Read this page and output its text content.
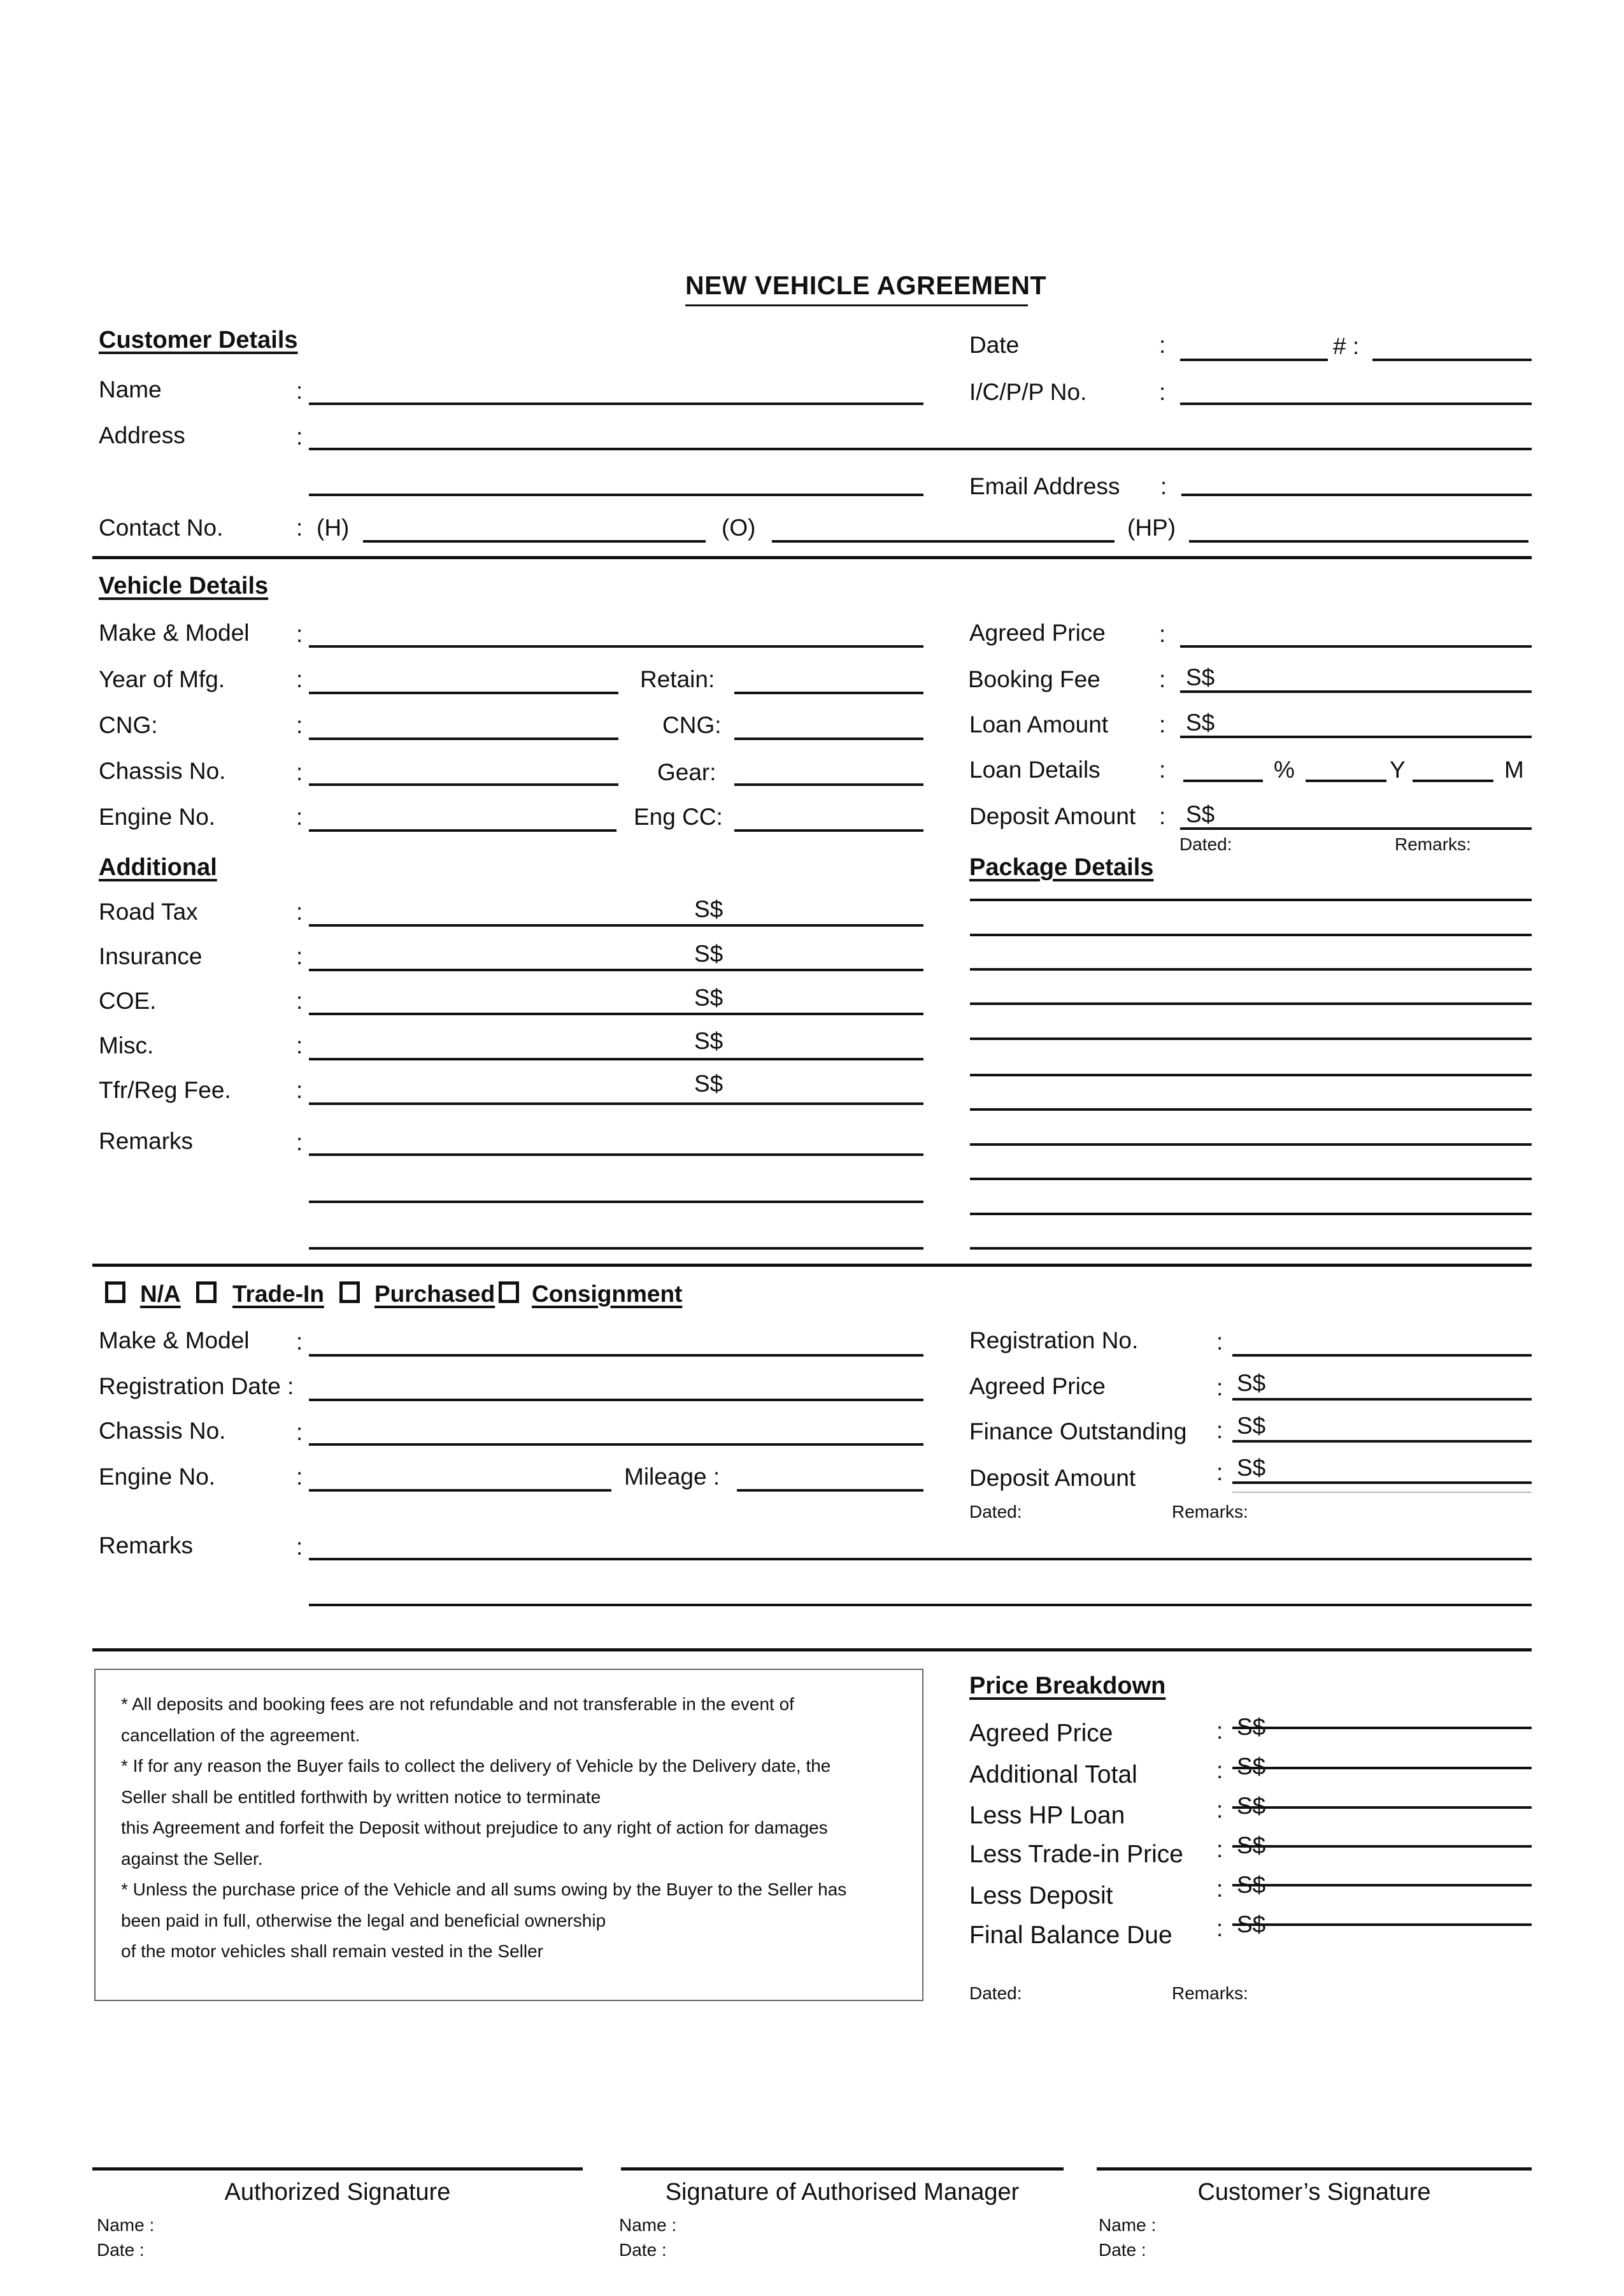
NEW VEHICLE AGREEMENT
Customer Details
Name	:
Address	:
Contact No.	: (H)	(O)	(HP)
Date	:	# :
I/C/P/P No.	:
Email Address :
Vehicle Details
Make & Model :
Year of Mfg.	:	Retain:
CNG:	:	CNG:
Chassis No.	:	Gear:
Engine No.	:	Eng CC:
Agreed Price :
Booking Fee : S$
Loan Amount : S$
Loan Details :	%	Y	M
Deposit Amount : S$
Dated:	Remarks:
Additional
Road Tax	:	S$
Insurance	:	S$
COE.	:	S$
Misc.	:	S$
Tfr/Reg Fee.	:	S$
Remarks	:
Package Details
N/A Trade-In Purchased Consignment
Make & Model :
Registration Date :
Chassis No.	:
Engine No.	:	Mileage :
Remarks	:
Registration No.	:
Agreed Price	: S$
Finance Outstanding : S$
Deposit Amount	: S$
Dated:	Remarks:

* All deposits and booking fees are not refundable and not transferable in the event of

cancellation of the agreement.

* If for any reason the Buyer fails to collect the delivery of Vehicle by the Delivery date, the

Seller shall be entitled forthwith by written notice to terminate

this Agreement and forfeit the Deposit without prejudice to any right of action for damages

against the Seller.

* Unless the purchase price of the Vehicle and all sums owing by the Buyer to the Seller has

been paid in full, otherwise the legal and beneficial ownership

of the motor vehicles shall remain vested in the Seller

Price Breakdown
Agreed Price	: S$
Additional Total	: S$
Less HP Loan	: S$
Less Trade-in Price : S$
Less Deposit	: S$
Final Balance Due : S$
Dated:	Remarks:
Authorized Signature
Name :
Date :
Signature of Authorised Manager
Name :
Date :
Customer’s Signature
Name :
Date :
